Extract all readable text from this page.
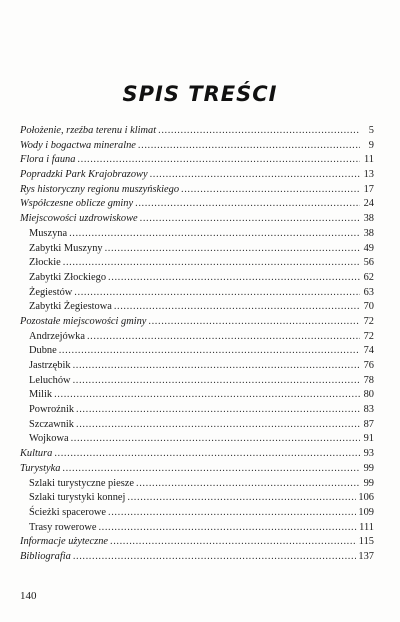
SPIS TREŚCI
Położenie, rzeźba terenu i klimat .....	5
Wody i bogactwa mineralne .....	9
Flora i fauna .....	11
Popradzki Park Krajobrazowy .....	13
Rys historyczny regionu muszyńskiego .....	17
Współczesne oblicze gminy .....	24
Miejscowości uzdrowiskowe .....	38
Muszyna .....	38
Zabytki Muszyny .....	49
Złockie .....	56
Zabytki Złockiego .....	62
Żegiestów .....	63
Zabytki Żegiestowa .....	70
Pozostałe miejscowości gminy .....	72
Andrzejówka .....	72
Dubne .....	74
Jastrzębik .....	76
Leluchów .....	78
Milik .....	80
Powroźnik .....	83
Szczawnik .....	87
Wojkowa .....	91
Kultura .....	93
Turystyka .....	99
Szlaki turystyczne piesze .....	99
Szlaki turystyki konnej .....	106
Ścieżki spacerowe .....	109
Trasy rowerowe .....	111
Informacje użyteczne .....	115
Bibliografia .....	137
140
